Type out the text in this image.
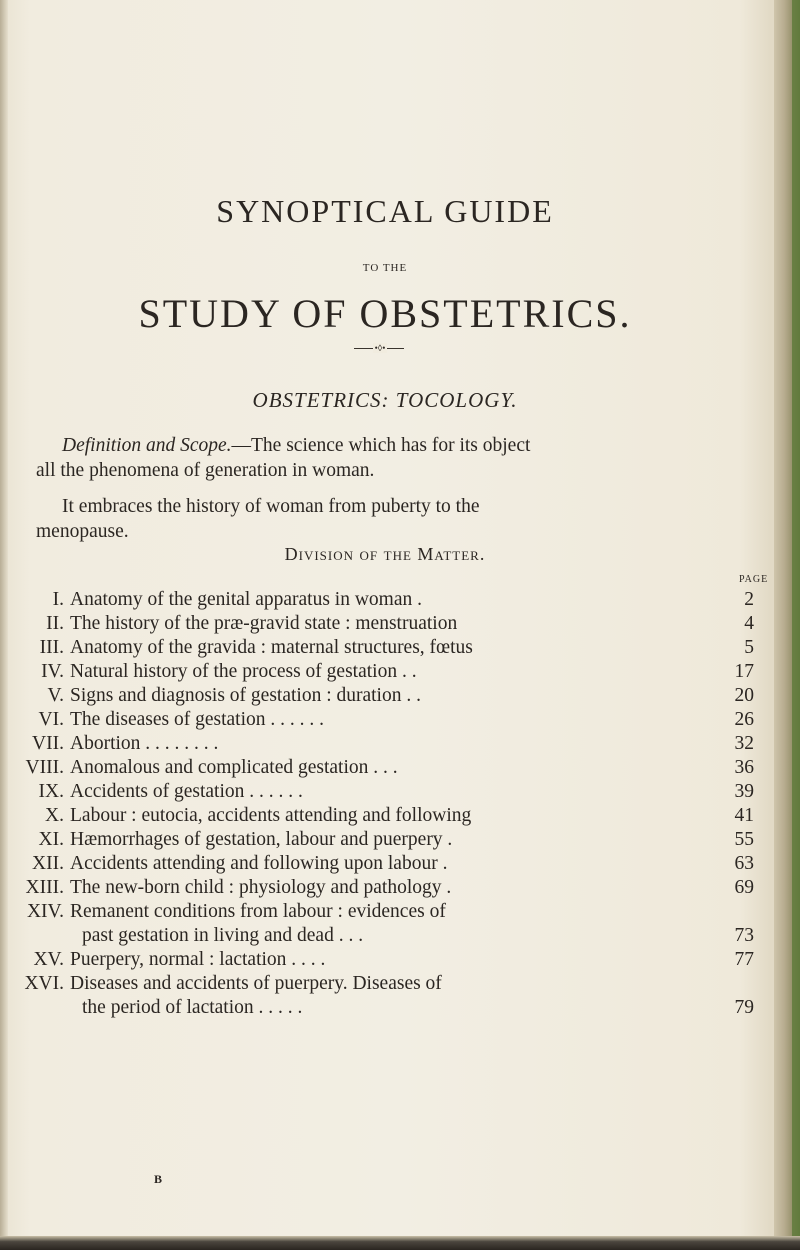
SYNOPTICAL GUIDE

TO THE

STUDY OF OBSTETRICS.

•◊•

OBSTETRICS: TOCOLOGY.

Definition and Scope.—The science which has for its object

all the phenomena of generation in woman.

It embraces the history of woman from puberty to the

menopause.

Division of the Matter.

PAGE

I. Anatomy of the genital apparatus in woman .	2
II. The history of the præ-gravid state : menstruation	4
III. Anatomy of the gravida : maternal structures, fœtus	5
IV. Natural history of the process of gestation . .	17
V. Signs and diagnosis of gestation : duration . .	20
VI. The diseases of gestation . . . . . .	26
VII. Abortion . . . . . . . .	32
VIII. Anomalous and complicated gestation . . .	36
IX. Accidents of gestation . . . . . .	39
X. Labour : eutocia, accidents attending and following	41
XI. Hæmorrhages of gestation, labour and puerpery .	55
XII. Accidents attending and following upon labour .	63
XIII. The new-born child : physiology and pathology .	69
XIV. Remanent conditions from labour : evidences of
past gestation in living and dead . . .	73
XV. Puerpery, normal : lactation . . . .	77
XVI. Diseases and accidents of puerpery. Diseases of
the period of lactation . . . . .	79

B
